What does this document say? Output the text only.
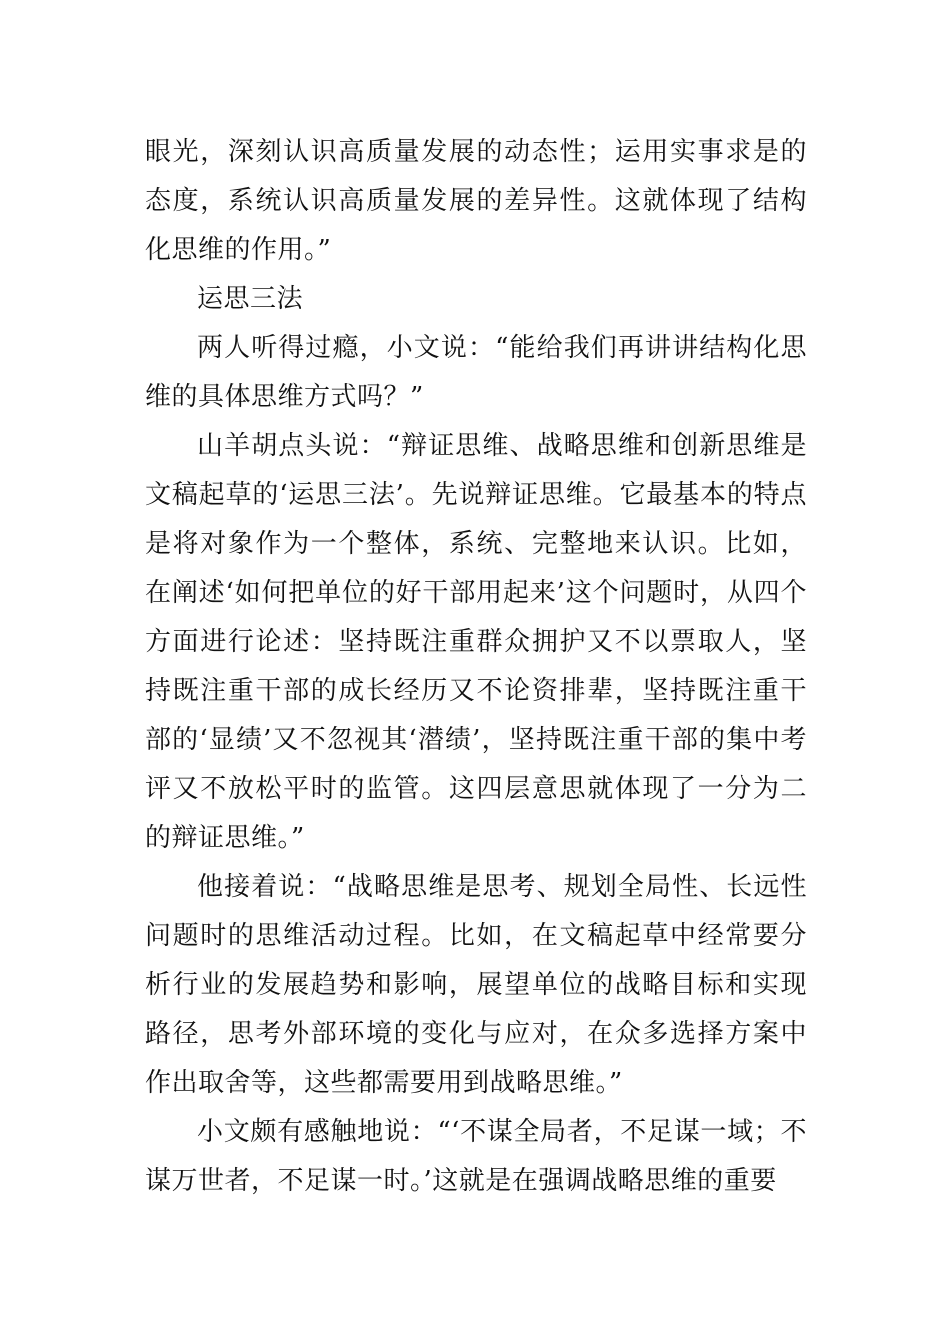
眼光，深刻认识高质量发展的动态性；运用实事求是的态度，系统认识高质量发展的差异性。这就体现了结构化思维的作用。”

运思三法

两人听得过瘾，小文说：“能给我们再讲讲结构化思维的具体思维方式吗？”

山羊胡点头说：“辩证思维、战略思维和创新思维是文稿起草的‘运思三法’。先说辩证思维。它最基本的特点是将对象作为一个整体，系统、完整地来认识。比如，在阐述‘如何把单位的好干部用起来’这个问题时，从四个方面进行论述：坚持既注重群众拥护又不以票取人，坚持既注重干部的成长经历又不论资排辈，坚持既注重干部的‘显绩’又不忽视其‘潜绩’，坚持既注重干部的集中考评又不放松平时的监管。这四层意思就体现了一分为二的辩证思维。”

他接着说：“战略思维是思考、规划全局性、长远性问题时的思维活动过程。比如，在文稿起草中经常要分析行业的发展趋势和影响，展望单位的战略目标和实现路径，思考外部环境的变化与应对，在众多选择方案中作出取舍等，这些都需要用到战略思维。”

小文颇有感触地说：“‘不谋全局者，不足谋一域；不谋万世者，不足谋一时。’这就是在强调战略思维的重要
